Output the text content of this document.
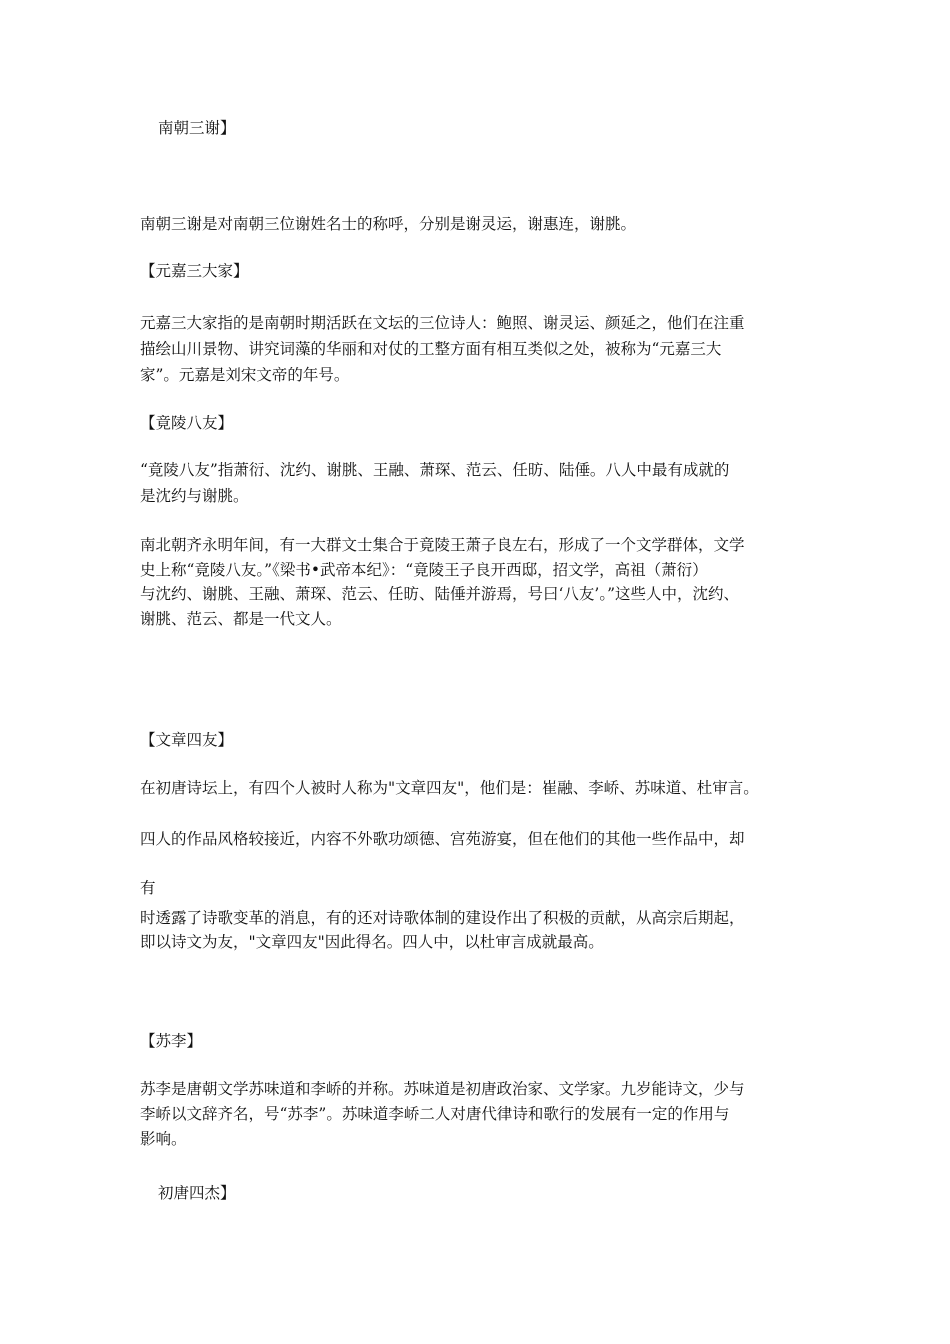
南朝三谢】

南朝三谢是对南朝三位谢姓名士的称呼，分别是谢灵运，谢惠连，谢朓。

【元嘉三大家】

元嘉三大家指的是南朝时期活跃在文坛的三位诗人：鲍照、谢灵运、颜延之，他们在注重

描绘山川景物、讲究词藻的华丽和对仗的工整方面有相互类似之处，被称为“元嘉三大

家”。元嘉是刘宋文帝的年号。

【竟陵八友】

“竟陵八友”指萧衍、沈约、谢朓、王融、萧琛、范云、任昉、陆倕。八人中最有成就的

是沈约与谢朓。

南北朝齐永明年间，有一大群文士集合于竟陵王萧子良左右，形成了一个文学群体，文学

史上称“竟陵八友。”《梁书•武帝本纪》：“竟陵王子良开西邸，招文学，高祖（萧衍）

与沈约、谢朓、王融、萧琛、范云、任昉、陆倕并游焉，号曰‘八友’。”这些人中，沈约、

谢朓、范云、都是一代文人。

【文章四友】

在初唐诗坛上，有四个人被时人称为"文章四友"，他们是：崔融、李峤、苏味道、杜审言。

四人的作品风格较接近，内容不外歌功颂德、宫苑游宴，但在他们的其他一些作品中，却

有

时透露了诗歌变革的消息，有的还对诗歌体制的建设作出了积极的贡献，从高宗后期起，

即以诗文为友，"文章四友"因此得名。四人中，以杜审言成就最高。

【苏李】

苏李是唐朝文学苏味道和李峤的并称。苏味道是初唐政治家、文学家。九岁能诗文，少与

李峤以文辞齐名，号“苏李”。苏味道李峤二人对唐代律诗和歌行的发展有一定的作用与

影响。

初唐四杰】
